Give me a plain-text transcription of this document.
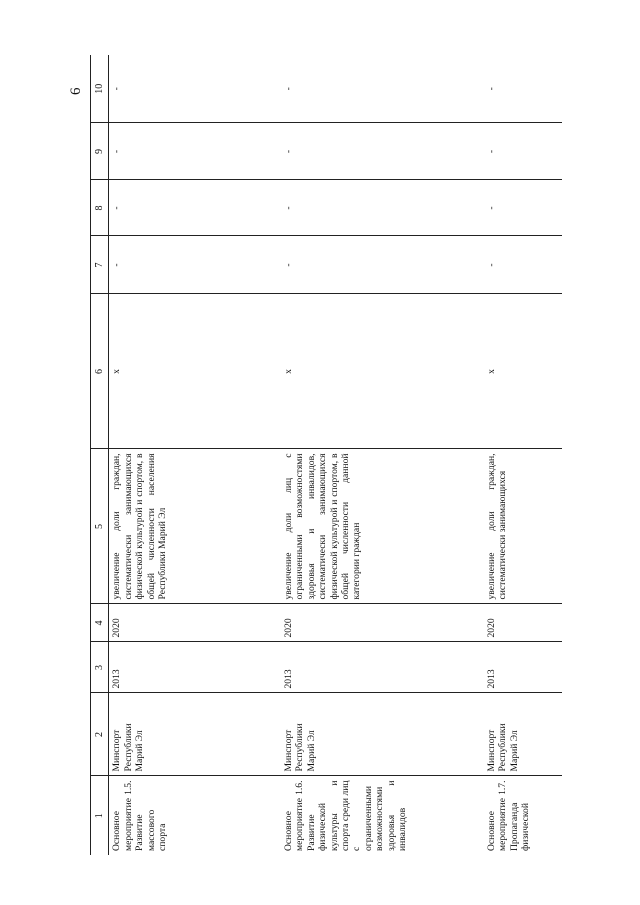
6
1	2	3	4	5	6	7	8	9	10
Основное мероприятие 1.5. Развитие массового спорта	Минспорт Республики Марий Эл	2013	2020	увеличение доли граждан, систематически занимающихся физической культурой и спортом, в общей численности населения Республики Марий Эл	x	-	-	-	-
Основное мероприятие 1.6. Развитие физической культуры и спорта среди лиц с ограниченными возможностями здоровья и инвалидов	Минспорт Республики Марий Эл	2013	2020	увеличение доли лиц с ограниченными возможностями здоровья и инвалидов, систематически занимающихся физической культурой и спортом, в общей численности данной категории граждан	x	-	-	-	-
Основное мероприятие 1.7. Пропаганда физической	Минспорт Республики Марий Эл	2013	2020	увеличение доли граждан, систематически занимающихся	x	-	-	-	-
